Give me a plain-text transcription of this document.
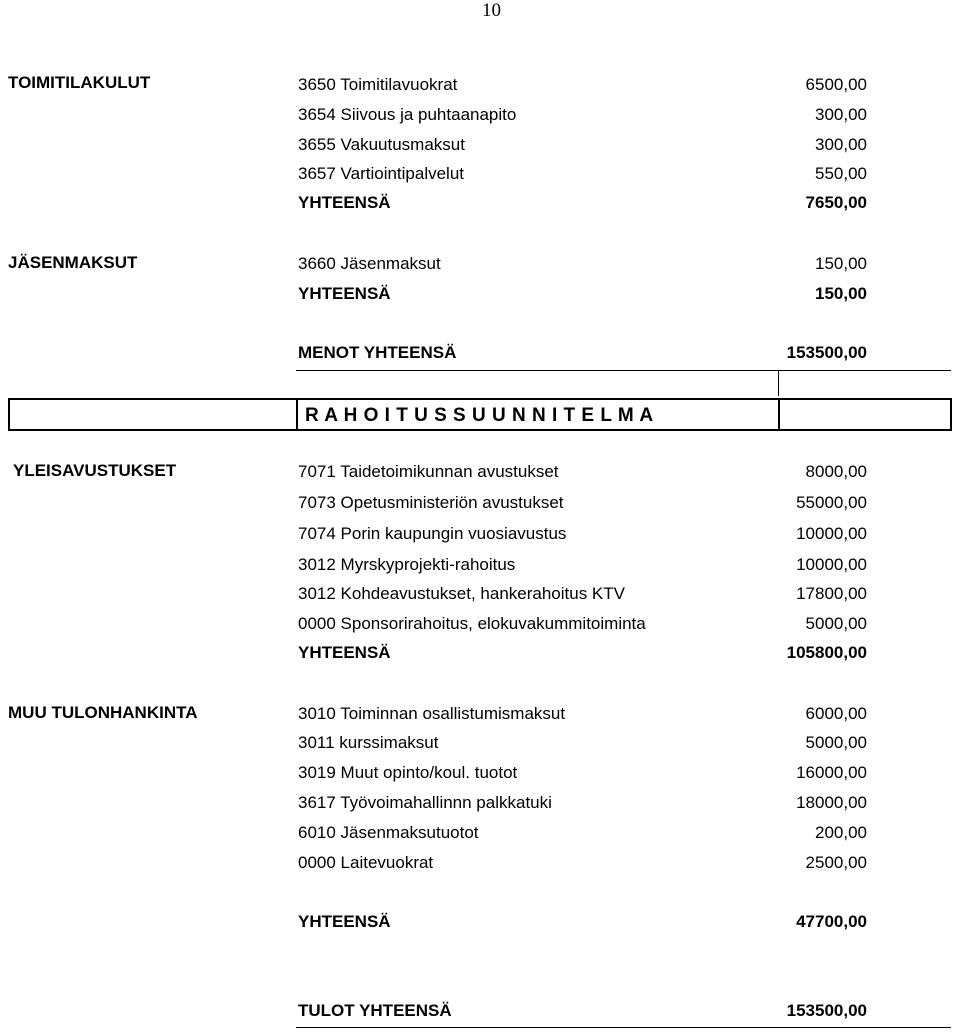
10
TOIMITILAKULUT	3650 Toimitilavuokrat	6500,00
3654 Siivous ja puhtaanapito	300,00
3655 Vakuutusmaksut	300,00
3657 Vartiointipalvelut	550,00
YHTEENSÄ	7650,00
JÄSENMAKSUT	3660 Jäsenmaksut	150,00
YHTEENSÄ	150,00
MENOT YHTEENSÄ	153500,00
R A H O I T U S S U U N N I T E L M A
YLEISAVUSTUKSET	7071 Taidetoimikunnan avustukset	8000,00
7073 Opetusministeriön avustukset	55000,00
7074 Porin kaupungin vuosiavustus	10000,00
3012 Myrskyprojekti-rahoitus	10000,00
3012 Kohdeavustukset, hankerahoitus KTV	17800,00
0000 Sponsorirahoitus, elokuvakummitoiminta	5000,00
YHTEENSÄ	105800,00
MUU TULONHANKINTA	3010 Toiminnan osallistumismaksut	6000,00
3011 kurssimaksut	5000,00
3019 Muut opinto/koul. tuotot	16000,00
3617 Työvoimahallinnn palkkatuki	18000,00
6010 Jäsenmaksutuotot	200,00
0000 Laitevuokrat	2500,00
YHTEENSÄ	47700,00
TULOT YHTEENSÄ	153500,00
